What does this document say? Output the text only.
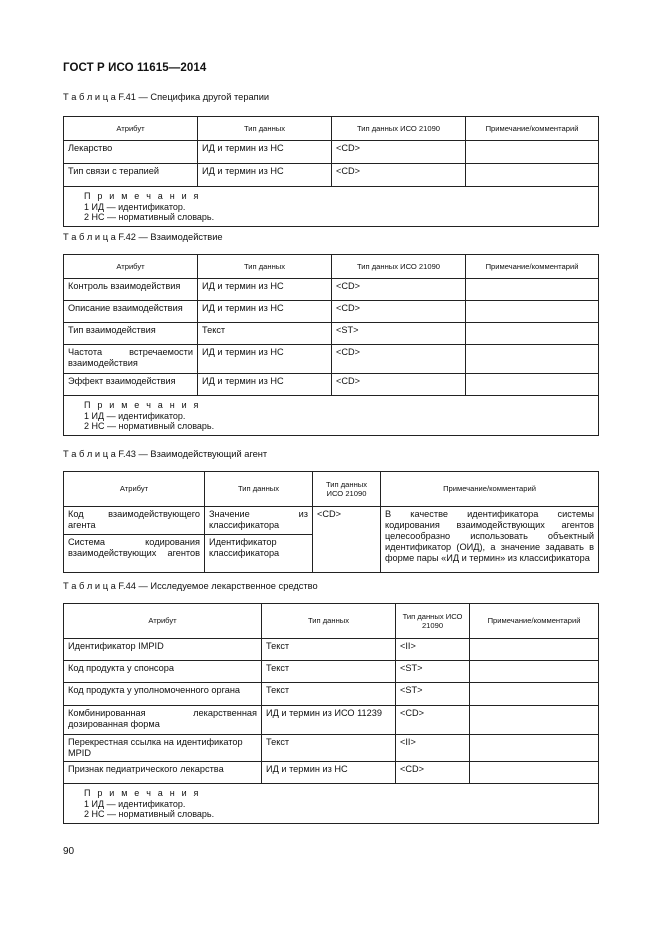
ГОСТ Р ИСО 11615—2014
Т а б л и ц а F.41 — Специфика другой терапии
Атрибут	Тип данных	Тип данных ИСО 21090	Примечание/комментарий
Лекарство	ИД и термин из НС	<CD>	
Тип связи с терапией	ИД и термин из НС	<CD>	

П р и м е ч а н и я
1 ИД — идентификатор.
2 НС — нормативный словарь.			
Т а б л и ц а F.42 — Взаимодействие
Атрибут	Тип данных	Тип данных ИСО 21090	Примечание/комментарий
Контроль взаимодействия	ИД и термин из НС	<CD>	
Описание взаимодействия	ИД и термин из НС	<CD>	
Тип взаимодействия	Текст	<ST>	

Частота встречаемости взаимодействия	ИД и термин из НС	<CD>	
Эффект взаимодействия	ИД и термин из НС	<CD>	

П р и м е ч а н и я
1 ИД — идентификатор.
2 НС — нормативный словарь.			
Т а б л и ц а F.43 — Взаимодействующий агент
Атрибут	Тип данных	Тип данных ИСО 21090	Примечание/комментарий

Код взаимодействующего агента	Значение из классификатора	<CD>	В качестве идентификатора системы кодирования взаимодействующих агентов целесообразно использовать объектный идентификатор (ОИД), а значение задавать в форме пары «ИД и термин» из классификатора

Система кодирования взаимодействующих агентов	Идентификатор классификатора		
Т а б л и ц а F.44 — Исследуемое лекарственное средство
Атрибут	Тип данных	Тип данных ИСО 21090	Примечание/комментарий
Идентификатор IMPID	Текст	<II>	
Код продукта у спонсора	Текст	<ST>	
Код продукта у уполномоченного органа	Текст	<ST>	

Комбинированная лекарственная дозированная форма	ИД и термин из ИСО 11239	<CD>	
Перекрестная ссылка на идентификатор MPID	Текст	<II>	
Признак педиатрического лекарства	ИД и термин из НС	<CD>	

П р и м е ч а н и я
1 ИД — идентификатор.
2 НС — нормативный словарь.			
90
